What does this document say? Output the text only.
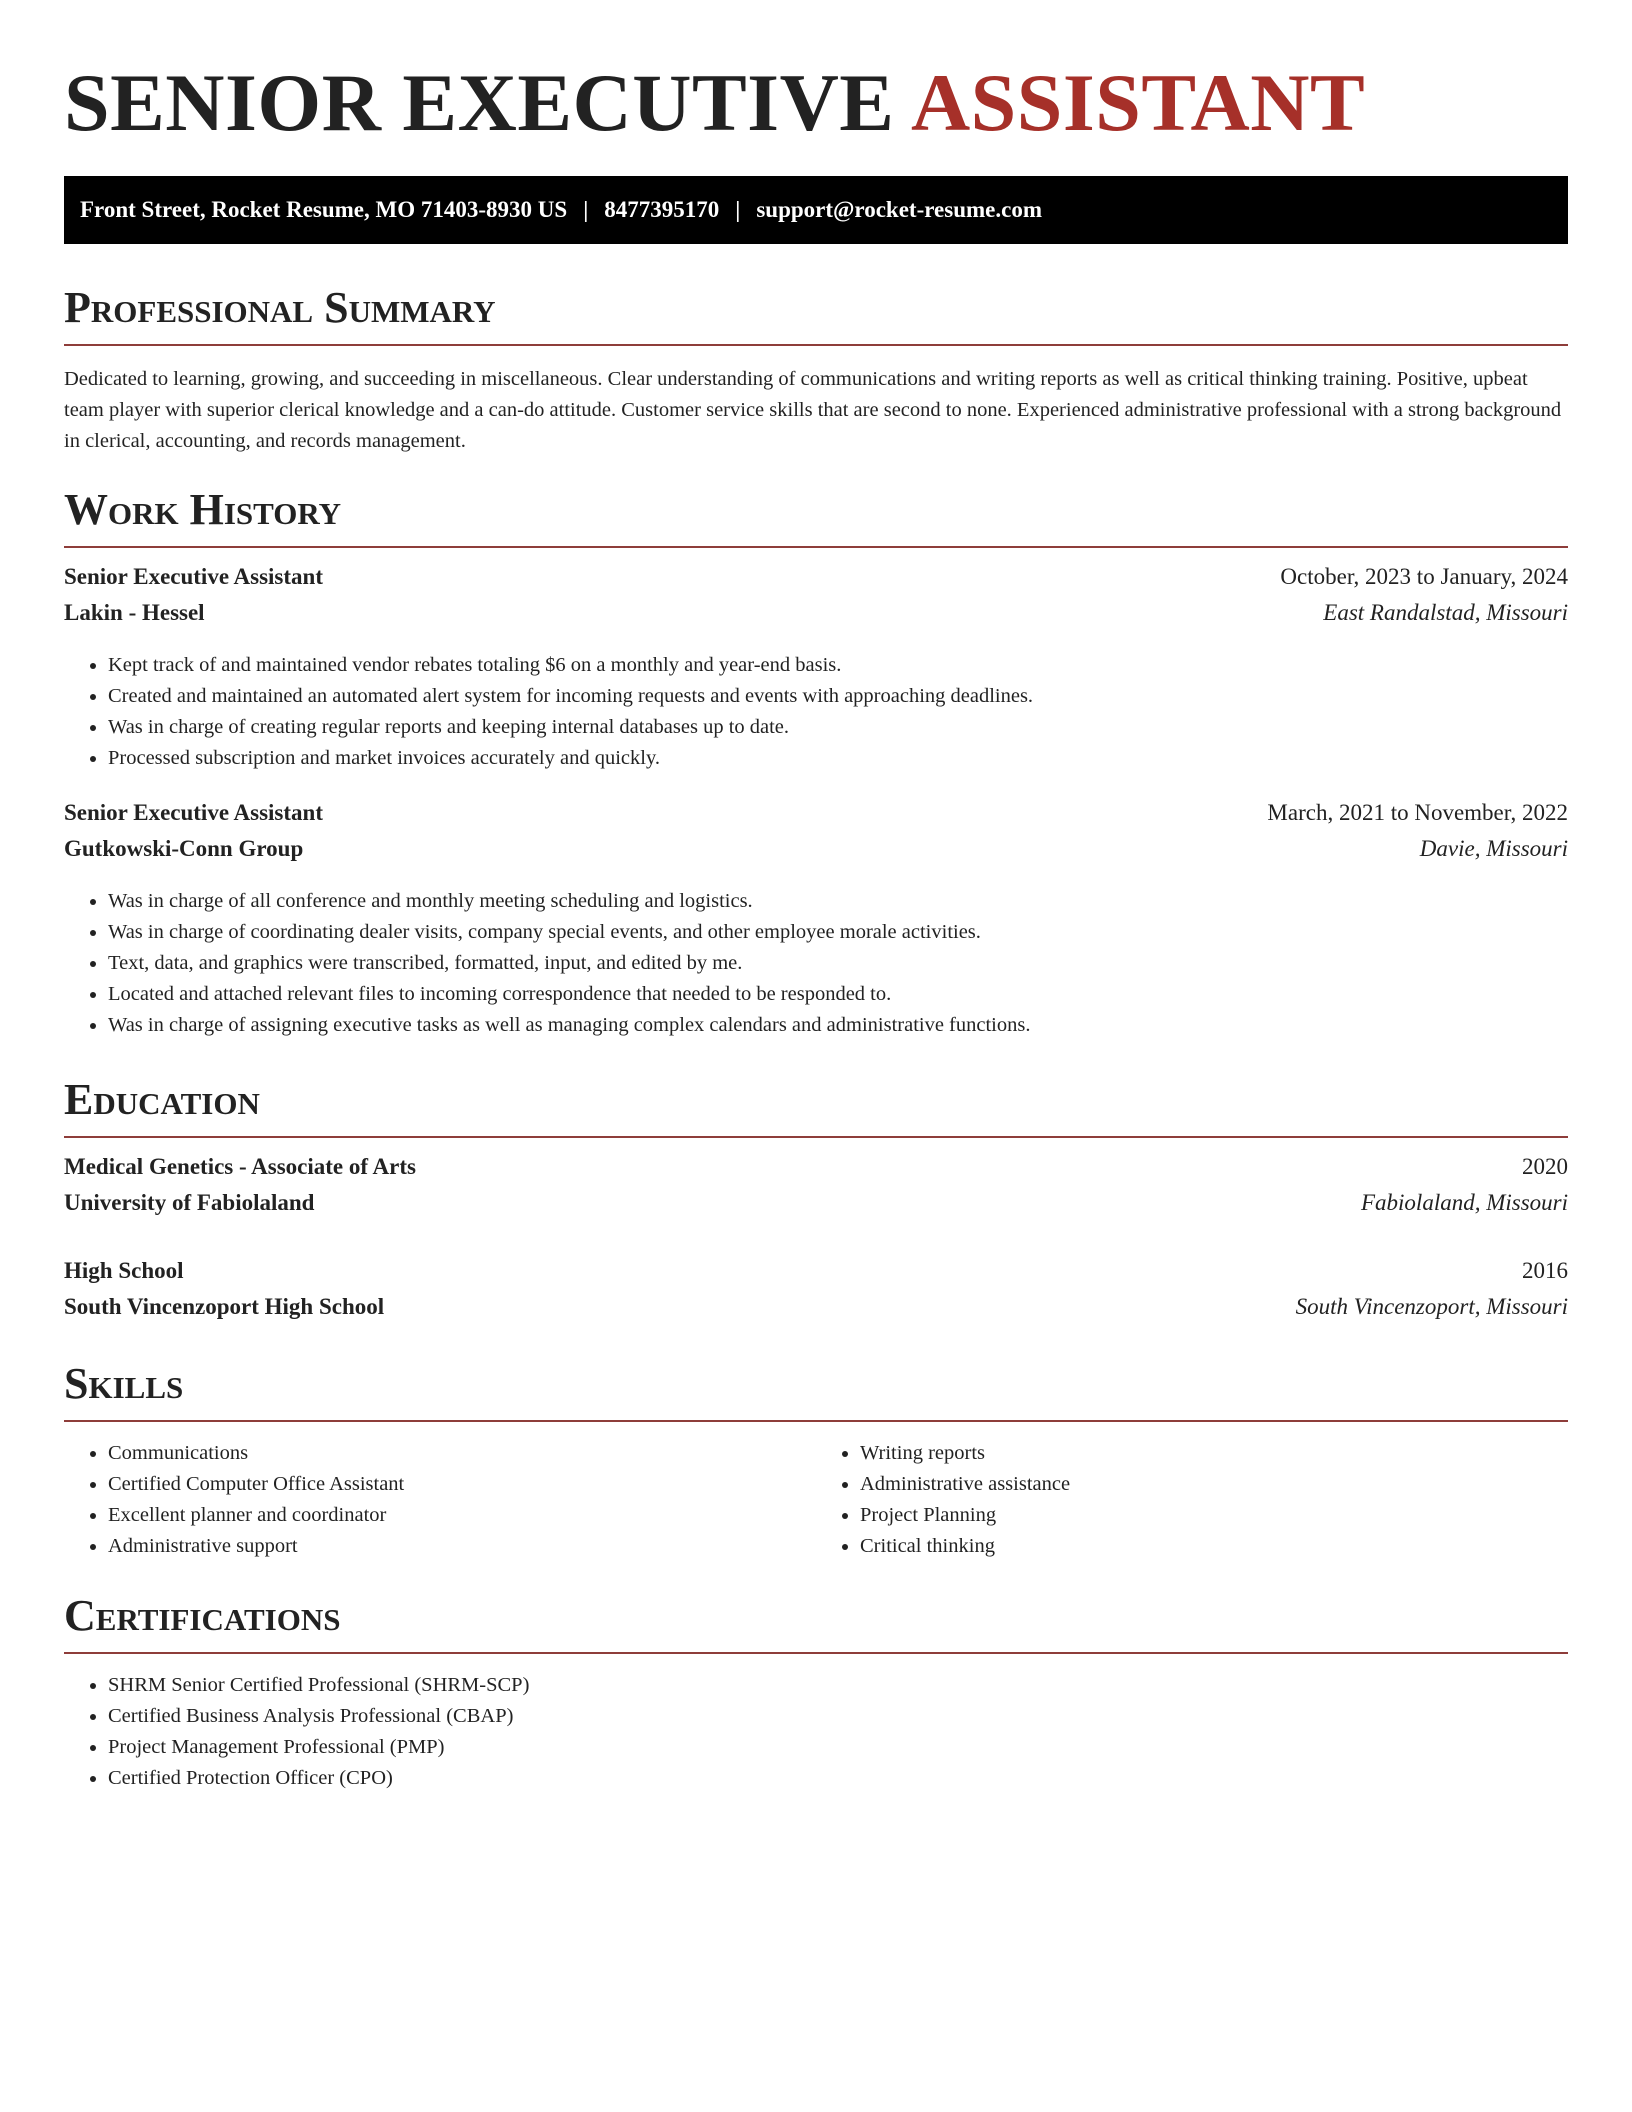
SENIOR EXECUTIVE ASSISTANT
Front Street, Rocket Resume, MO 71403-8930 US | 8477395170 | support@rocket-resume.com
Professional Summary

Dedicated to learning, growing, and succeeding in miscellaneous. Clear understanding of communications and writing reports as well as critical thinking training. Positive, upbeat team player with superior clerical knowledge and a can-do attitude. Customer service skills that are second to none. Experienced administrative professional with a strong background in clerical, accounting, and records management.

Work History
Senior Executive Assistant	October, 2023 to January, 2024
Lakin - Hessel	East Randalstad, Missouri
• Kept track of and maintained vendor rebates totaling $6 on a monthly and year-end basis.
• Created and maintained an automated alert system for incoming requests and events with approaching deadlines.
• Was in charge of creating regular reports and keeping internal databases up to date.
• Processed subscription and market invoices accurately and quickly.
Senior Executive Assistant	March, 2021 to November, 2022
Gutkowski-Conn Group	Davie, Missouri
• Was in charge of all conference and monthly meeting scheduling and logistics.
• Was in charge of coordinating dealer visits, company special events, and other employee morale activities.
• Text, data, and graphics were transcribed, formatted, input, and edited by me.
• Located and attached relevant files to incoming correspondence that needed to be responded to.
• Was in charge of assigning executive tasks as well as managing complex calendars and administrative functions.
Education
Medical Genetics - Associate of Arts	2020
University of Fabiolaland	Fabiolaland, Missouri
High School	2016
South Vincenzoport High School	South Vincenzoport, Missouri
Skills
• Communications
• Certified Computer Office Assistant
• Excellent planner and coordinator
• Administrative support
• Writing reports
• Administrative assistance
• Project Planning
• Critical thinking
Certifications
• SHRM Senior Certified Professional (SHRM-SCP)
• Certified Business Analysis Professional (CBAP)
• Project Management Professional (PMP)
• Certified Protection Officer (CPO)
